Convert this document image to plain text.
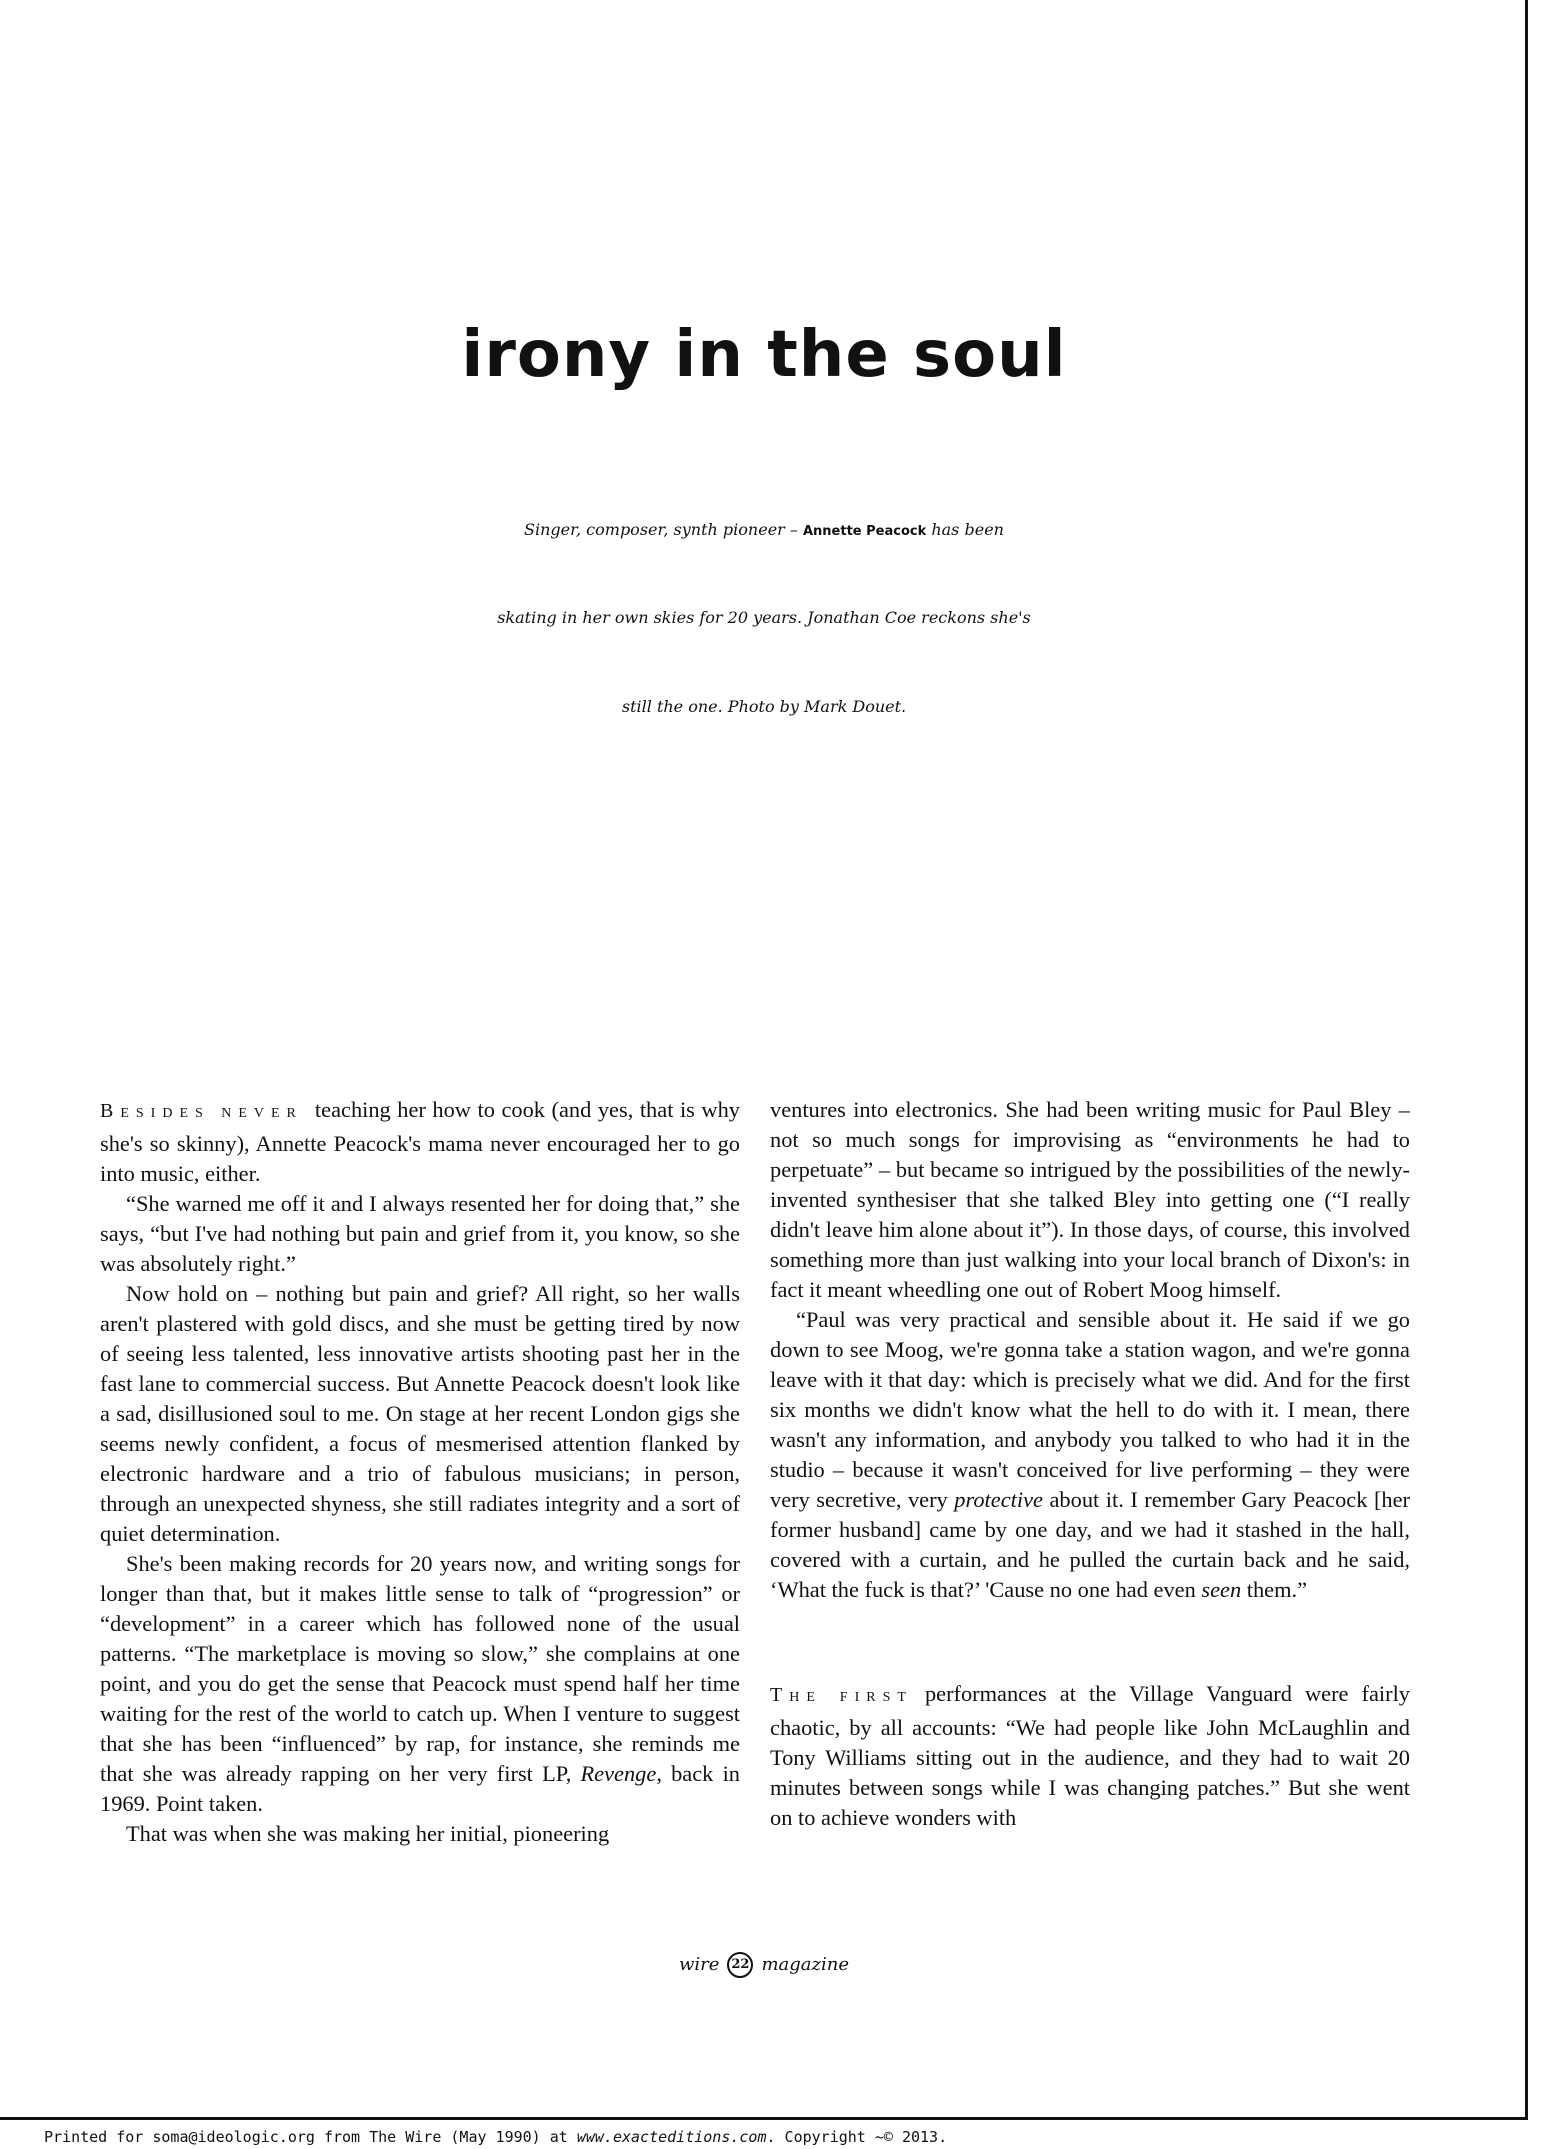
irony in the soul

Singer, composer, synth pioneer – Annette Peacock has been

skating in her own skies for 20 years. Jonathan Coe reckons she's

still the one. Photo by Mark Douet.

BESIDES NEVER teaching her how to cook (and yes, that is why she's so skinny), Annette Peacock's mama never encouraged her to go into music, either.

“She warned me off it and I always resented her for doing that,” she says, “but I've had nothing but pain and grief from it, you know, so she was absolutely right.”

Now hold on – nothing but pain and grief? All right, so her walls aren't plastered with gold discs, and she must be getting tired by now of seeing less talented, less innovative artists shooting past her in the fast lane to commercial success. But Annette Peacock doesn't look like a sad, disillusioned soul to me. On stage at her recent London gigs she seems newly confident, a focus of mesmerised attention flanked by electronic hardware and a trio of fabulous musicians; in person, through an unexpected shyness, she still radiates integrity and a sort of quiet determination.

She's been making records for 20 years now, and writing songs for longer than that, but it makes little sense to talk of “progression” or “development” in a career which has followed none of the usual patterns. “The marketplace is moving so slow,” she complains at one point, and you do get the sense that Peacock must spend half her time waiting for the rest of the world to catch up. When I venture to suggest that she has been “influenced” by rap, for instance, she reminds me that she was already rapping on her very first LP, Revenge, back in 1969. Point taken.

That was when she was making her initial, pioneering

ventures into electronics. She had been writing music for Paul Bley – not so much songs for improvising as “environments he had to perpetuate” – but became so intrigued by the possibilities of the newly-invented synthesiser that she talked Bley into getting one (“I really didn't leave him alone about it”). In those days, of course, this involved something more than just walking into your local branch of Dixon's: in fact it meant wheedling one out of Robert Moog himself.

“Paul was very practical and sensible about it. He said if we go down to see Moog, we're gonna take a station wagon, and we're gonna leave with it that day: which is precisely what we did. And for the first six months we didn't know what the hell to do with it. I mean, there wasn't any information, and anybody you talked to who had it in the studio – because it wasn't conceived for live performing – they were very secretive, very protective about it. I remember Gary Peacock [her former husband] came by one day, and we had it stashed in the hall, covered with a curtain, and he pulled the curtain back and he said, ‘What the fuck is that?’ 'Cause no one had even seen them.”

THE FIRST performances at the Village Vanguard were fairly chaotic, by all accounts: “We had people like John McLaughlin and Tony Williams sitting out in the audience, and they had to wait 20 minutes between songs while I was changing patches.” But she went on to achieve wonders with

wire 22 magazine
Printed for soma@ideologic.org from The Wire (May 1990) at www.exacteditions.com. Copyright ~© 2013.
